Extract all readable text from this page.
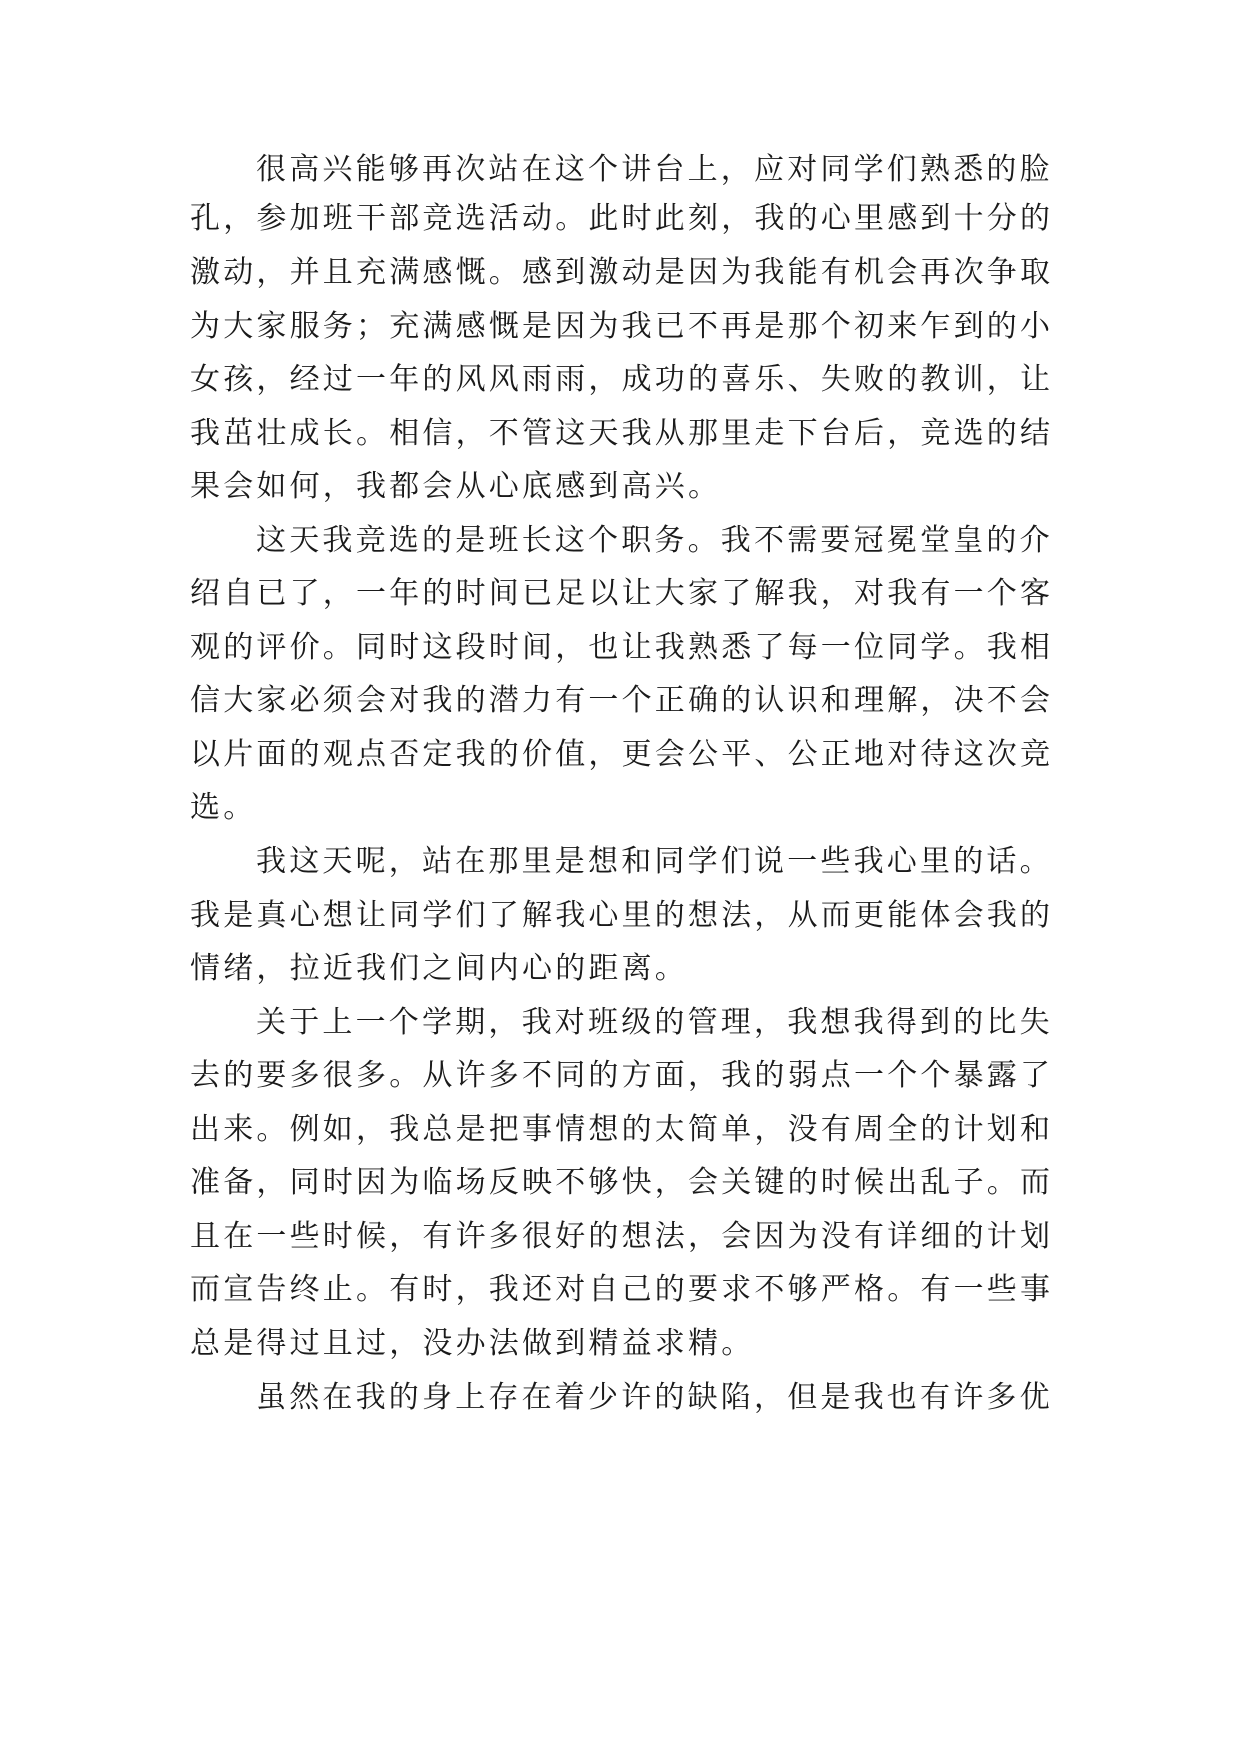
很高兴能够再次站在这个讲台上，应对同学们熟悉的脸

孔，参加班干部竞选活动。此时此刻，我的心里感到十分的

激动，并且充满感慨。感到激动是因为我能有机会再次争取

为大家服务；充满感慨是因为我已不再是那个初来乍到的小

女孩，经过一年的风风雨雨，成功的喜乐、失败的教训，让

我茁壮成长。相信，不管这天我从那里走下台后，竞选的结

果会如何，我都会从心底感到高兴。

这天我竞选的是班长这个职务。我不需要冠冕堂皇的介

绍自已了，一年的时间已足以让大家了解我，对我有一个客

观的评价。同时这段时间，也让我熟悉了每一位同学。我相

信大家必须会对我的潜力有一个正确的认识和理解，决不会

以片面的观点否定我的价值，更会公平、公正地对待这次竞

选。

我这天呢，站在那里是想和同学们说一些我心里的话。

我是真心想让同学们了解我心里的想法，从而更能体会我的

情绪，拉近我们之间内心的距离。

关于上一个学期，我对班级的管理，我想我得到的比失

去的要多很多。从许多不同的方面，我的弱点一个个暴露了

出来。例如，我总是把事情想的太简单，没有周全的计划和

准备，同时因为临场反映不够快，会关键的时候出乱子。而

且在一些时候，有许多很好的想法，会因为没有详细的计划

而宣告终止。有时，我还对自己的要求不够严格。有一些事

总是得过且过，没办法做到精益求精。

虽然在我的身上存在着少许的缺陷，但是我也有许多优
